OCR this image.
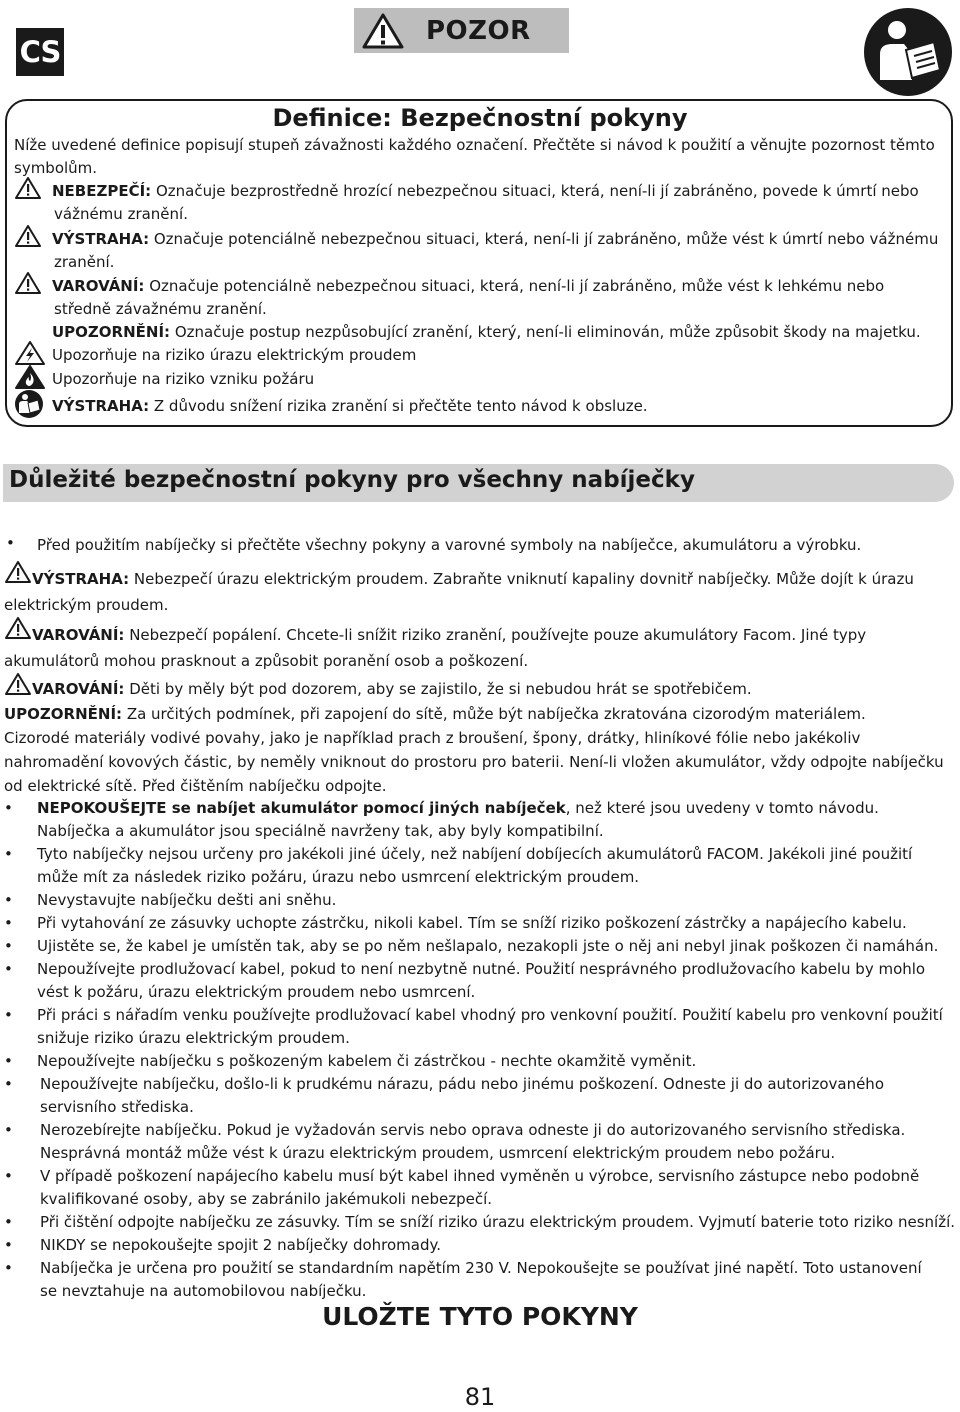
CS
POZOR
Definice: Bezpečnostní pokyny
Níže uvedené definice popisují stupeň závažnosti každého označení. Přečtěte si návod k použití a věnujte pozornost těmto
symbolům.
NEBEZPEČÍ: Označuje bezprostředně hrozící nebezpečnou situaci, která, není-li jí zabráněno, povede k úmrtí nebo
vážnému zranění.
VÝSTRAHA: Označuje potenciálně nebezpečnou situaci, která, není-li jí zabráněno, může vést k úmrtí nebo vážnému
zranění.
VAROVÁNÍ: Označuje potenciálně nebezpečnou situaci, která, není-li jí zabráněno, může vést k lehkému nebo
středně závažnému zranění.
UPOZORNĚNÍ: Označuje postup nezpůsobující zranění, který, není-li eliminován, může způsobit škody na majetku.
Upozorňuje na riziko úrazu elektrickým proudem
Upozorňuje na riziko vzniku požáru
VÝSTRAHA: Z důvodu snížení rizika zranění si přečtěte tento návod k obsluze.
Důležité bezpečnostní pokyny pro všechny nabíječky
• Před použitím nabíječky si přečtěte všechny pokyny a varovné symboly na nabíječce, akumulátoru a výrobku.
VÝSTRAHA: Nebezpečí úrazu elektrickým proudem. Zabraňte vniknutí kapaliny dovnitř nabíječky. Může dojít k úrazu
elektrickým proudem.
VAROVÁNÍ: Nebezpečí popálení. Chcete-li snížit riziko zranění, používejte pouze akumulátory Facom. Jiné typy
akumulátorů mohou prasknout a způsobit poranění osob a poškození.
VAROVÁNÍ: Děti by měly být pod dozorem, aby se zajistilo, že si nebudou hrát se spotřebičem.
UPOZORNĚNÍ: Za určitých podmínek, při zapojení do sítě, může být nabíječka zkratována cizorodým materiálem.
Cizorodé materiály vodivé povahy, jako je například prach z broušení, špony, drátky, hliníkové fólie nebo jakékoliv
nahromadění kovových částic, by neměly vniknout do prostoru pro baterii. Není-li vložen akumulátor, vždy odpojte nabíječku
od elektrické sítě. Před čištěním nabíječku odpojte.
•	NEPOKOUŠEJTE se nabíjet akumulátor pomocí jiných nabíječek, než které jsou uvedeny v tomto návodu.
Nabíječka a akumulátor jsou speciálně navrženy tak, aby byly kompatibilní.
•	Tyto nabíječky nejsou určeny pro jakékoli jiné účely, než nabíjení dobíjecích akumulátorů FACOM. Jakékoli jiné použití
může mít za následek riziko požáru, úrazu nebo usmrcení elektrickým proudem.
•	Nevystavujte nabíječku dešti ani sněhu.
•	Při vytahování ze zásuvky uchopte zástrčku, nikoli kabel. Tím se sníží riziko poškození zástrčky a napájecího kabelu.
•	Ujistěte se, že kabel je umístěn tak, aby se po něm nešlapalo, nezakopli jste o něj ani nebyl jinak poškozen či namáhán.
•	Nepoužívejte prodlužovací kabel, pokud to není nezbytně nutné. Použití nesprávného prodlužovacího kabelu by mohlo
vést k požáru, úrazu elektrickým proudem nebo usmrcení.
•	Při práci s nářadím venku používejte prodlužovací kabel vhodný pro venkovní použití. Použití kabelu pro venkovní použití
snižuje riziko úrazu elektrickým proudem.
•	Nepoužívejte nabíječku s poškozeným kabelem či zástrčkou - nechte okamžitě vyměnit.
•	Nepoužívejte nabíječku, došlo-li k prudkému nárazu, pádu nebo jinému poškození. Odneste ji do autorizovaného
servisního střediska.
•	Nerozebírejte nabíječku. Pokud je vyžadován servis nebo oprava odneste ji do autorizovaného servisního střediska.
Nesprávná montáž může vést k úrazu elektrickým proudem, usmrcení elektrickým proudem nebo požáru.
•	V případě poškození napájecího kabelu musí být kabel ihned vyměněn u výrobce, servisního zástupce nebo podobně
kvalifikované osoby, aby se zabránilo jakémukoli nebezpečí.
•	Při čištění odpojte nabíječku ze zásuvky. Tím se sníží riziko úrazu elektrickým proudem. Vyjmutí baterie toto riziko nesníží.
•	NIKDY se nepokoušejte spojit 2 nabíječky dohromady.
•	Nabíječka je určena pro použití se standardním napětím 230 V. Nepokoušejte se používat jiné napětí. Toto ustanovení
se nevztahuje na automobilovou nabíječku.
ULOŽTE TYTO POKYNY
81
